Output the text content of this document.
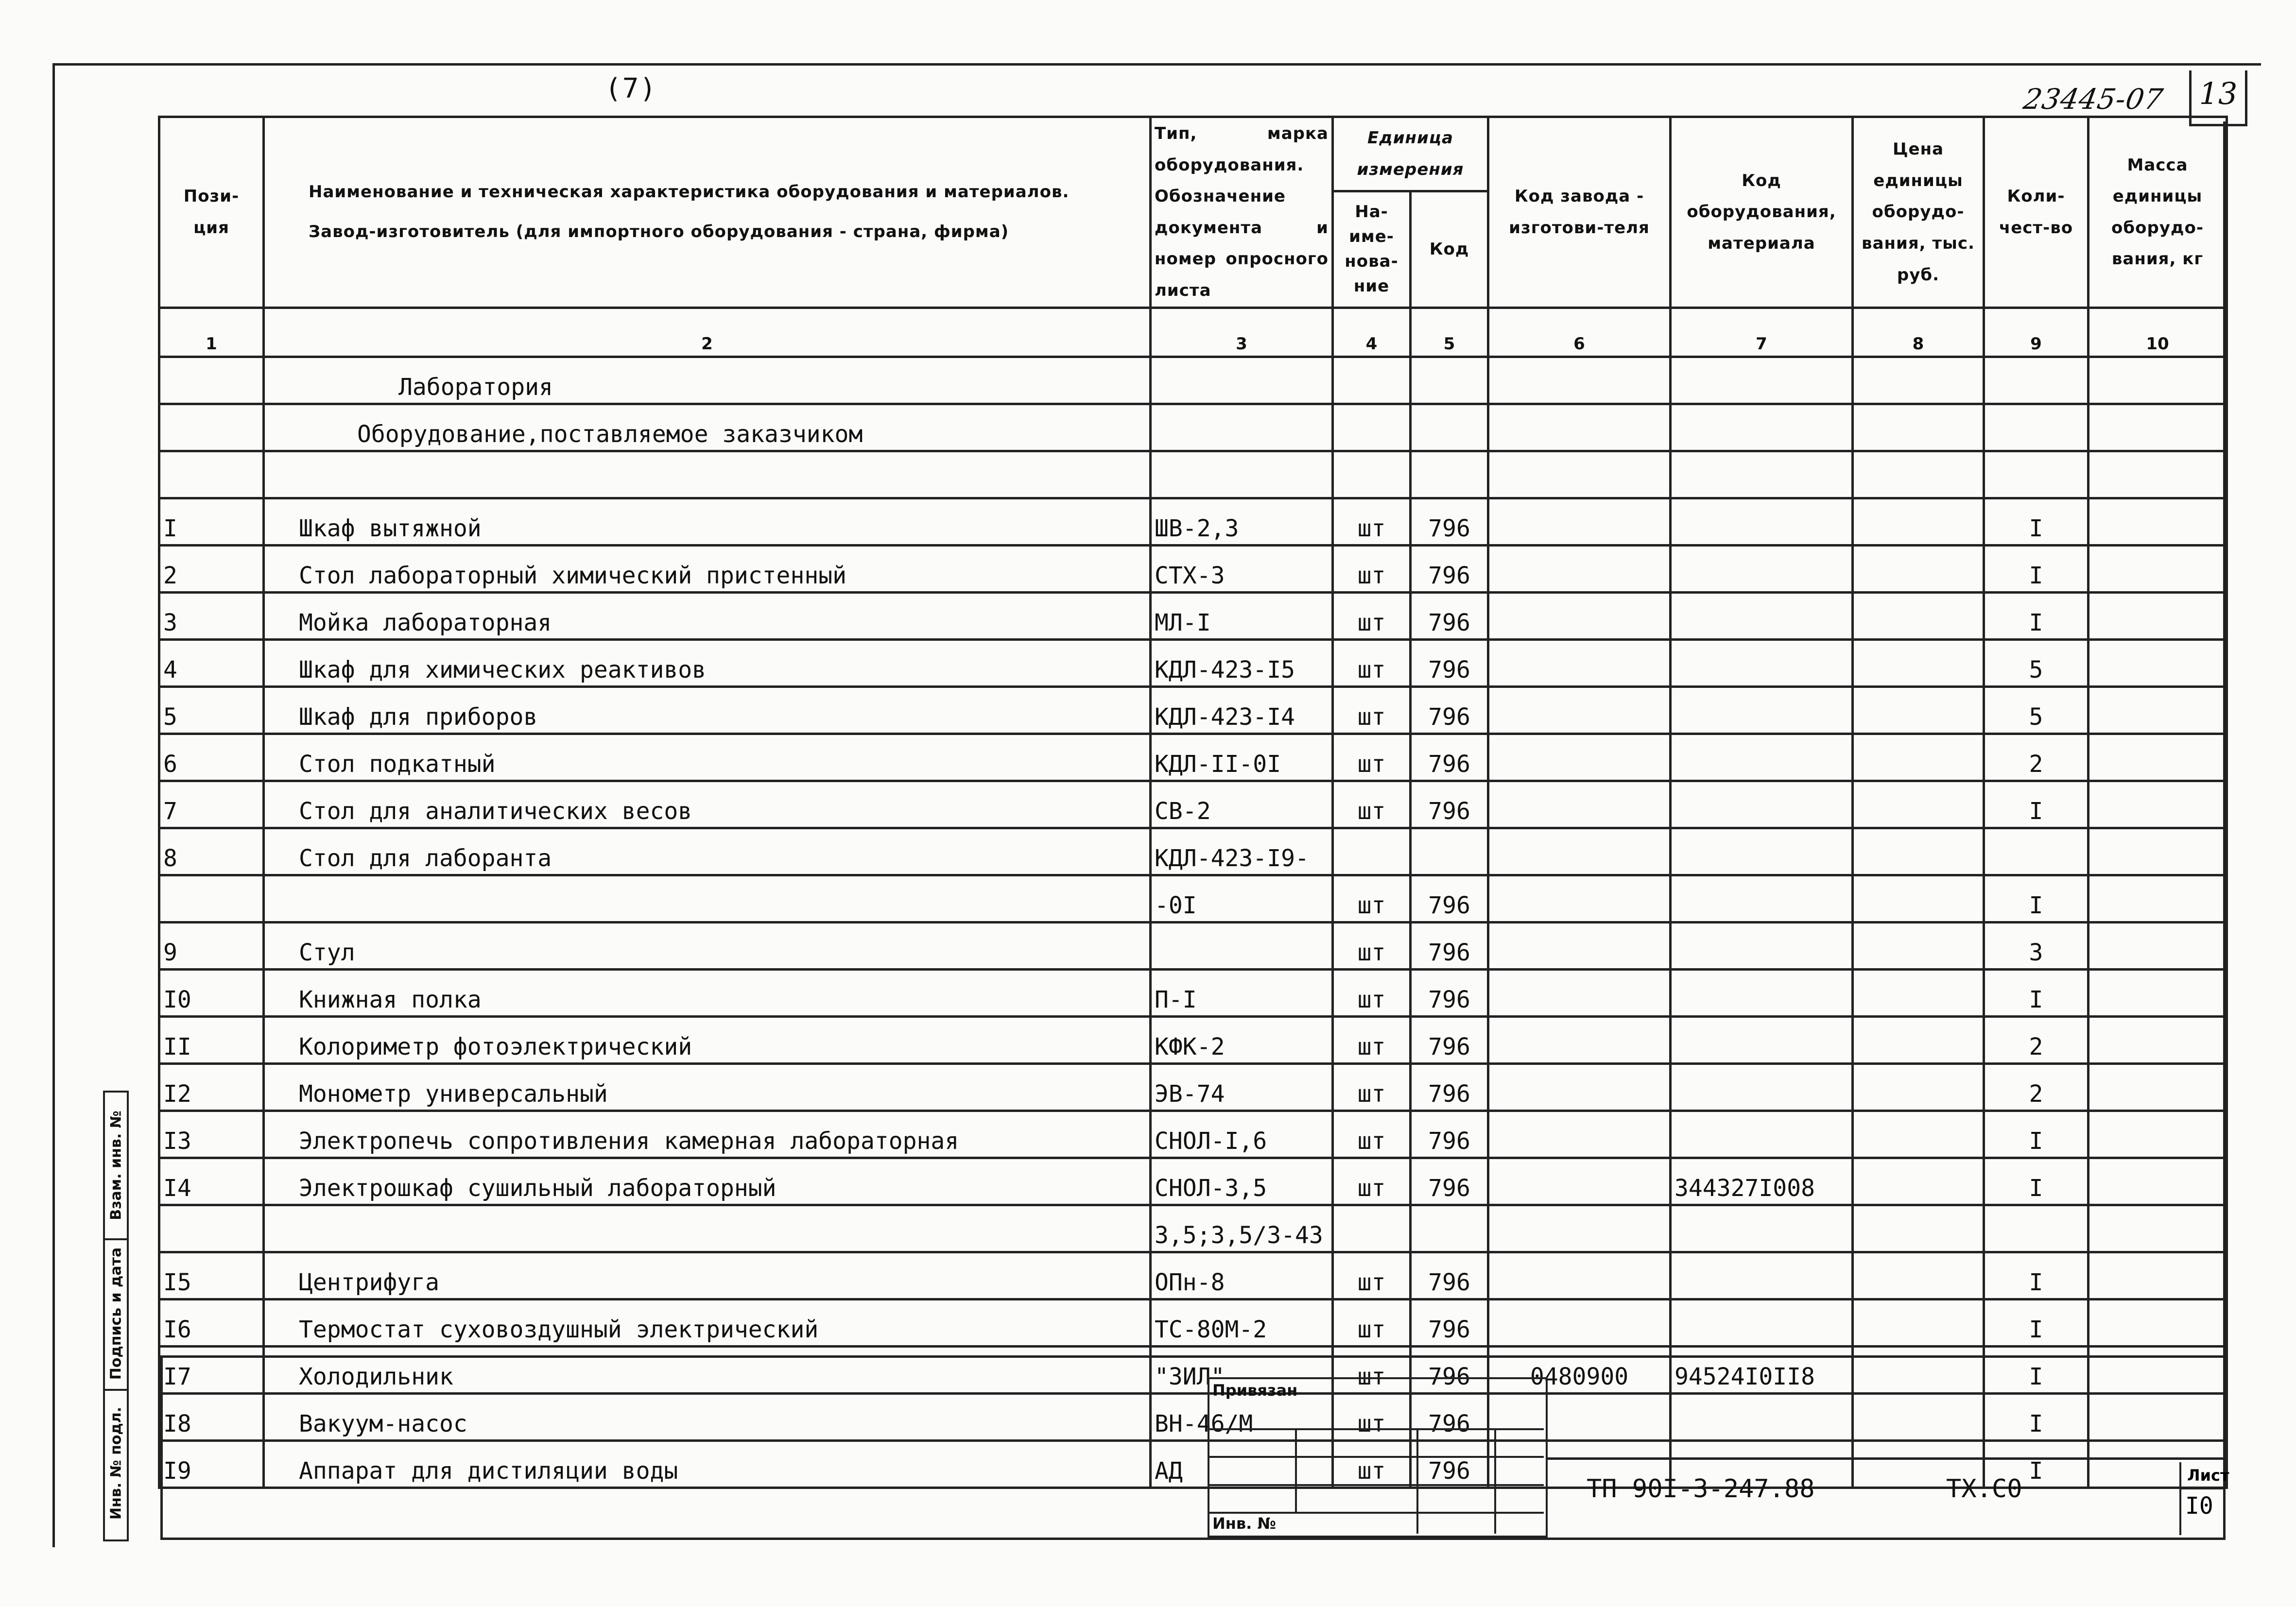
(7)	23445-07	13
Пози-
ция	Наименование и техническая характеристика оборудования и материалов.
Завод-изготовитель (для импортного оборудования - страна, фирма)	Тип, марка оборудования. Обозначение документа и номер опросного листа	Единица измерения		Код завода - изготови-теля	Код оборудования, материала	Цена единицы оборудо-вания, тыс. руб.	Коли-чест-во	Масса единицы оборудо-вания, кг
			На-име-нова-ние	Код					
1	2	3	4	5	6	7	8	9	10
	Лаборатория								
	Оборудование,поставляемое заказчиком								

I	Шкаф вытяжной	ШВ-2,3	шт	796				I	
2	Стол лабораторный химический пристенный	СТХ-3	шт	796				I	
3	Мойка лабораторная	МЛ-I	шт	796				I	
4	Шкаф для химических реактивов	КДЛ-423-I5	шт	796				5	
5	Шкаф для приборов	КДЛ-423-I4	шт	796				5	
6	Стол подкатный	КДЛ-II-0I	шт	796				2	
7	Стол для аналитических весов	СВ-2	шт	796				I	
8	Стол для лаборанта	КДЛ-423-I9-							
		-0I	шт	796				I	
9	Стул		шт	796				3	
I0	Книжная полка	П-I	шт	796				I	
II	Колориметр фотоэлектрический	КФК-2	шт	796				2	
I2	Монометр универсальный	ЭВ-74	шт	796				2	
I3	Электропечь сопротивления камерная лабораторная	СНОЛ-I,6	шт	796				I	
I4	Электрошкаф сушильный лабораторный	СНОЛ-3,5	шт	796		344327I008		I	
		3,5;3,5/3-43							
I5	Центрифуга	ОПн-8	шт	796				I	
I6	Термостат суховоздушный электрический	ТС-80М-2	шт	796				I	
I7	Холодильник	"ЗИЛ"	шт	796	0480900	94524I0II8		I	
I8	Вакуум-насос	ВН-46/М	шт	796				I	
I9	Аппарат для дистиляции воды	АД	шт	796				I	
Привязан
Инв. №
ТП 90I-3-247.88	ТХ.С0	Лист
I0
Взам. инв. №
Подпись и дата
Инв. № подл.
